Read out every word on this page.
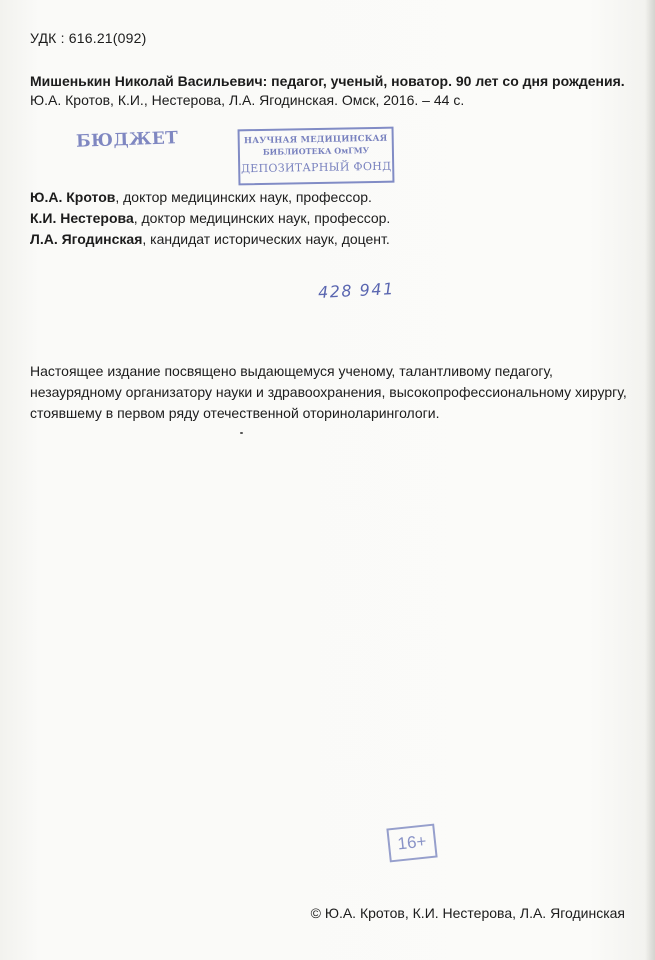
УДК : 616.21(092)
Мишенькин Николай Васильевич: педагог, ученый, новатор. 90 лет со дня рождения. Ю.А. Кротов, К.И., Нестерова, Л.А. Ягодинская. Омск, 2016. – 44 с.
БЮДЖЕТ	НАУЧНАЯ МЕДИЦИНСКАЯ
БИБЛИОТЕКА ОмГМУ
ДЕПОЗИТАРНЫЙ ФОНД
Ю.А. Кротов, доктор медицинских наук, профессор.
К.И. Нестерова, доктор медицинских наук, профессор.
Л.А. Ягодинская, кандидат исторических наук, доцент.
428 941
Настоящее издание посвящено выдающемуся ученому, талантливому педагогу, незаурядному организатору науки и здравоохранения, высокопрофессиональному хирургу, стоявшему в первом ряду отечественной оториноларингологи.
16+
© Ю.А. Кротов, К.И. Нестерова, Л.А. Ягодинская
